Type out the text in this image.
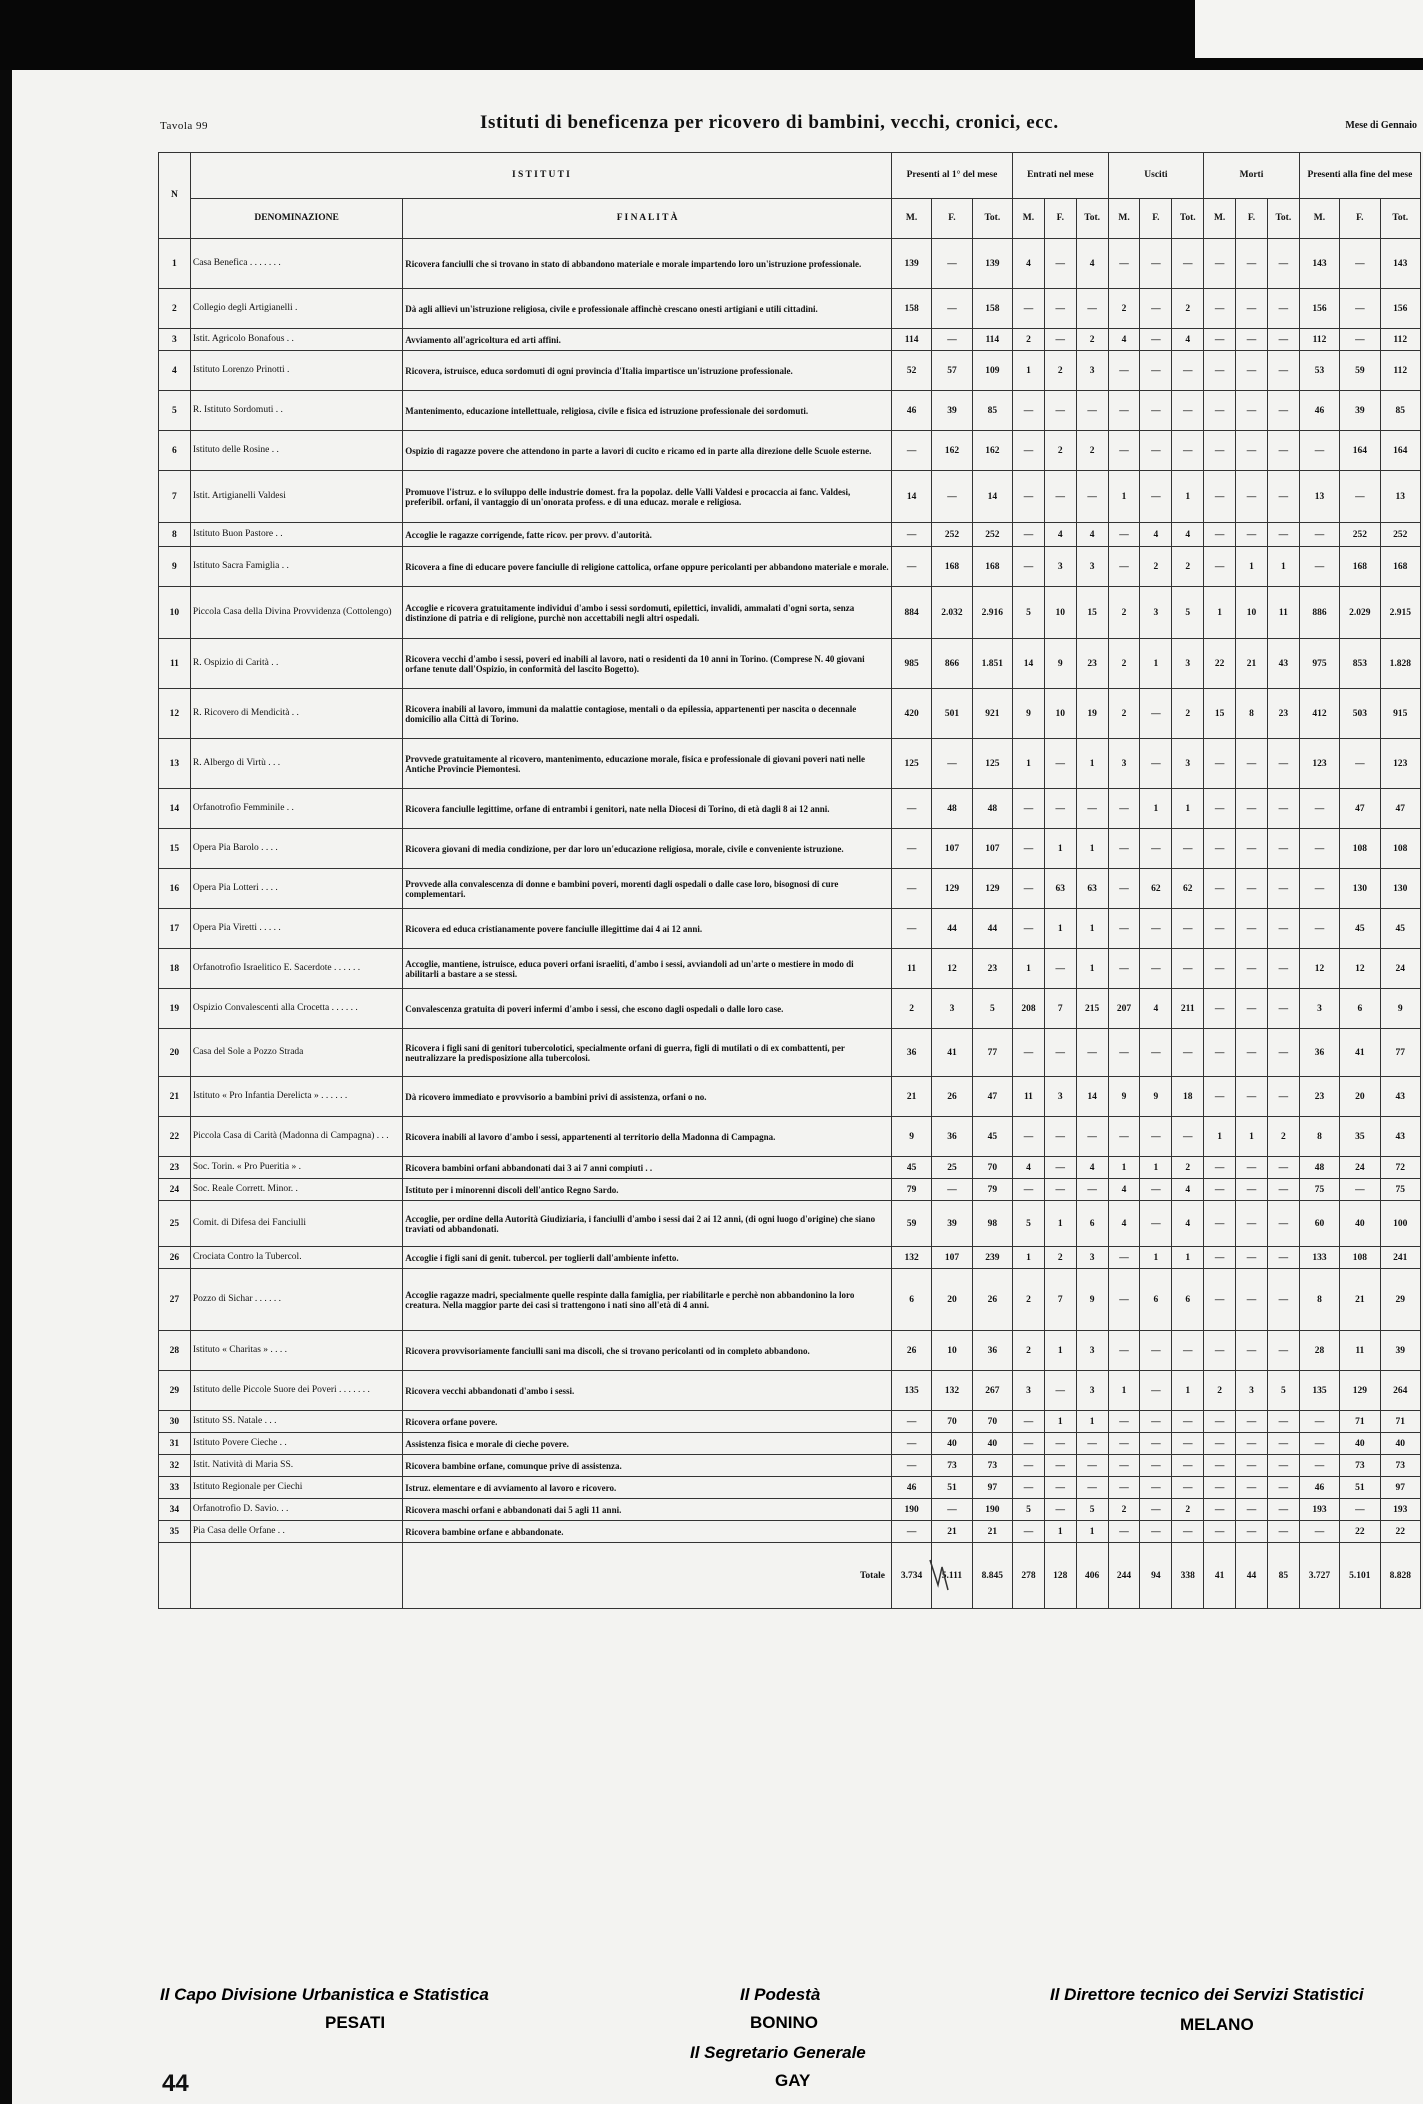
Tavola 99	Istituti di beneficenza per ricovero di bambini, vecchi, cronici, ecc.	Mese di Gennaio
N	I S T I T U T I		Presenti al 1° del mese			Entrati nel mese			Usciti			Morti			Presenti alla fine del mese		
	DENOMINAZIONE	F I N A L I T À	M.	F.	Tot.	M.	F.	Tot.	M.	F.	Tot.	M.	F.	Tot.	M.	F.	Tot.
1	Casa Benefica . . . . . . .	Ricovera fanciulli che si trovano in stato di abbandono materiale e morale impartendo loro un'istruzione professionale.	139	—	139	4	—	4	—	—	—	—	—	—	143	—	143
2	Collegio degli Artigianelli .	Dà agli allievi un'istruzione religiosa, civile e professionale affinchè crescano onesti artigiani e utili cittadini.	158	—	158	—	—	—	2	—	2	—	—	—	156	—	156
3	Istit. Agricolo Bonafous . .	Avviamento all'agricoltura ed arti affini.	114	—	114	2	—	2	4	—	4	—	—	—	112	—	112
4	Istituto Lorenzo Prinotti .	Ricovera, istruisce, educa sordomuti di ogni provincia d'Italia impartisce un'istruzione professionale.	52	57	109	1	2	3	—	—	—	—	—	—	53	59	112
5	R. Istituto Sordomuti . .	Mantenimento, educazione intellettuale, religiosa, civile e fisica ed istruzione professionale dei sordomuti.	46	39	85	—	—	—	—	—	—	—	—	—	46	39	85
6	Istituto delle Rosine . .	Ospizio di ragazze povere che attendono in parte a lavori di cucito e ricamo ed in parte alla direzione delle Scuole esterne.	—	162	162	—	2	2	—	—	—	—	—	—	—	164	164
7	Istit. Artigianelli Valdesi	Promuove l'istruz. e lo sviluppo delle industrie domest. fra la popolaz. delle Valli Valdesi e procaccia ai fanc. Valdesi, preferibil. orfani, il vantaggio di un'onorata profess. e di una educaz. morale e religiosa.	14	—	14	—	—	—	1	—	1	—	—	—	13	—	13
8	Istituto Buon Pastore . .	Accoglie le ragazze corrigende, fatte ricov. per provv. d'autorità.	—	252	252	—	4	4	—	4	4	—	—	—	—	252	252
9	Istituto Sacra Famiglia . .	Ricovera a fine di educare povere fanciulle di religione cattolica, orfane oppure pericolanti per abbandono materiale e morale.	—	168	168	—	3	3	—	2	2	—	1	1	—	168	168
10	Piccola Casa della Divina Provvidenza (Cottolengo)	Accoglie e ricovera gratuitamente individui d'ambo i sessi sordomuti, epilettici, invalidi, ammalati d'ogni sorta, senza distinzione di patria e di religione, purchè non accettabili negli altri ospedali.	884	2.032	2.916	5	10	15	2	3	5	1	10	11	886	2.029	2.915
11	R. Ospizio di Carità . .	Ricovera vecchi d'ambo i sessi, poveri ed inabili al lavoro, nati o residenti da 10 anni in Torino. (Comprese N. 40 giovani orfane tenute dall'Ospizio, in conformità del lascito Bogetto).	985	866	1.851	14	9	23	2	1	3	22	21	43	975	853	1.828
12	R. Ricovero di Mendicità . .	Ricovera inabili al lavoro, immuni da malattie contagiose, mentali o da epilessia, appartenenti per nascita o decennale domicilio alla Città di Torino.	420	501	921	9	10	19	2	—	2	15	8	23	412	503	915
13	R. Albergo di Virtù . . .	Provvede gratuitamente al ricovero, mantenimento, educazione morale, fisica e professionale di giovani poveri nati nelle Antiche Provincie Piemontesi.	125	—	125	1	—	1	3	—	3	—	—	—	123	—	123
14	Orfanotrofio Femminile . .	Ricovera fanciulle legittime, orfane di entrambi i genitori, nate nella Diocesi di Torino, di età dagli 8 ai 12 anni.	—	48	48	—	—	—	—	1	1	—	—	—	—	47	47
15	Opera Pia Barolo . . . .	Ricovera giovani di media condizione, per dar loro un'educazione religiosa, morale, civile e conveniente istruzione.	—	107	107	—	1	1	—	—	—	—	—	—	—	108	108
16	Opera Pia Lotteri . . . .	Provvede alla convalescenza di donne e bambini poveri, morenti dagli ospedali o dalle case loro, bisognosi di cure complementari.	—	129	129	—	63	63	—	62	62	—	—	—	—	130	130
17	Opera Pia Viretti . . . . .	Ricovera ed educa cristianamente povere fanciulle illegittime dai 4 ai 12 anni.	—	44	44	—	1	1	—	—	—	—	—	—	—	45	45
18	Orfanotrofio Israelitico E. Sacerdote . . . . . .	Accoglie, mantiene, istruisce, educa poveri orfani israeliti, d'ambo i sessi, avviandoli ad un'arte o mestiere in modo di abilitarli a bastare a se stessi.	11	12	23	1	—	1	—	—	—	—	—	—	12	12	24
19	Ospizio Convalescenti alla Crocetta . . . . . .	Convalescenza gratuita di poveri infermi d'ambo i sessi, che escono dagli ospedali o dalle loro case.	2	3	5	208	7	215	207	4	211	—	—	—	3	6	9
20	Casa del Sole a Pozzo Strada	Ricovera i figli sani di genitori tubercolotici, specialmente orfani di guerra, figli di mutilati o di ex combattenti, per neutralizzare la predisposizione alla tubercolosi.	36	41	77	—	—	—	—	—	—	—	—	—	36	41	77
21	Istituto « Pro Infantia Derelicta » . . . . . .	Dà ricovero immediato e provvisorio a bambini privi di assistenza, orfani o no.	21	26	47	11	3	14	9	9	18	—	—	—	23	20	43
22	Piccola Casa di Carità (Madonna di Campagna) . . .	Ricovera inabili al lavoro d'ambo i sessi, appartenenti al territorio della Madonna di Campagna.	9	36	45	—	—	—	—	—	—	1	1	2	8	35	43
23	Soc. Torin. « Pro Pueritia » .	Ricovera bambini orfani abbandonati dai 3 ai 7 anni compiuti . .	45	25	70	4	—	4	1	1	2	—	—	—	48	24	72
24	Soc. Reale Corrett. Minor. .	Istituto per i minorenni discoli dell'antico Regno Sardo.	79	—	79	—	—	—	4	—	4	—	—	—	75	—	75
25	Comit. di Difesa dei Fanciulli	Accoglie, per ordine della Autorità Giudiziaria, i fanciulli d'ambo i sessi dai 2 ai 12 anni, (di ogni luogo d'origine) che siano traviati od abbandonati.	59	39	98	5	1	6	4	—	4	—	—	—	60	40	100
26	Crociata Contro la Tubercol.	Accoglie i figli sani di genit. tubercol. per toglierli dall'ambiente infetto.	132	107	239	1	2	3	—	1	1	—	—	—	133	108	241
27	Pozzo di Sichar . . . . . .	Accoglie ragazze madri, specialmente quelle respinte dalla famiglia, per riabilitarle e perchè non abbandonino la loro creatura. Nella maggior parte dei casi si trattengono i nati sino all'età di 4 anni.	6	20	26	2	7	9	—	6	6	—	—	—	8	21	29
28	Istituto « Charitas » . . . .	Ricovera provvisoriamente fanciulli sani ma discoli, che si trovano pericolanti od in completo abbandono.	26	10	36	2	1	3	—	—	—	—	—	—	28	11	39
29	Istituto delle Piccole Suore dei Poveri . . . . . . .	Ricovera vecchi abbandonati d'ambo i sessi.	135	132	267	3	—	3	1	—	1	2	3	5	135	129	264
30	Istituto SS. Natale . . .	Ricovera orfane povere.	—	70	70	—	1	1	—	—	—	—	—	—	—	71	71
31	Istituto Povere Cieche . .	Assistenza fisica e morale di cieche povere.	—	40	40	—	—	—	—	—	—	—	—	—	—	40	40
32	Istit. Natività di Maria SS.	Ricovera bambine orfane, comunque prive di assistenza.	—	73	73	—	—	—	—	—	—	—	—	—	—	73	73
33	Istituto Regionale per Ciechi	Istruz. elementare e di avviamento al lavoro e ricovero.	46	51	97	—	—	—	—	—	—	—	—	—	46	51	97
34	Orfanotrofio D. Savio. . .	Ricovera maschi orfani e abbandonati dai 5 agli 11 anni.	190	—	190	5	—	5	2	—	2	—	—	—	193	—	193
35	Pia Casa delle Orfane . .	Ricovera bambine orfane e abbandonate.	—	21	21	—	1	1	—	—	—	—	—	—	—	22	22
		Totale	3.734	5.111	8.845	278	128	406	244	94	338	41	44	85	3.727	5.101	8.828
Il Capo Divisione Urbanistica e Statistica
PESATI
Il Podestà
BONINO
Il Segretario Generale
GAY
Il Direttore tecnico dei Servizi Statistici
MELANO
44
